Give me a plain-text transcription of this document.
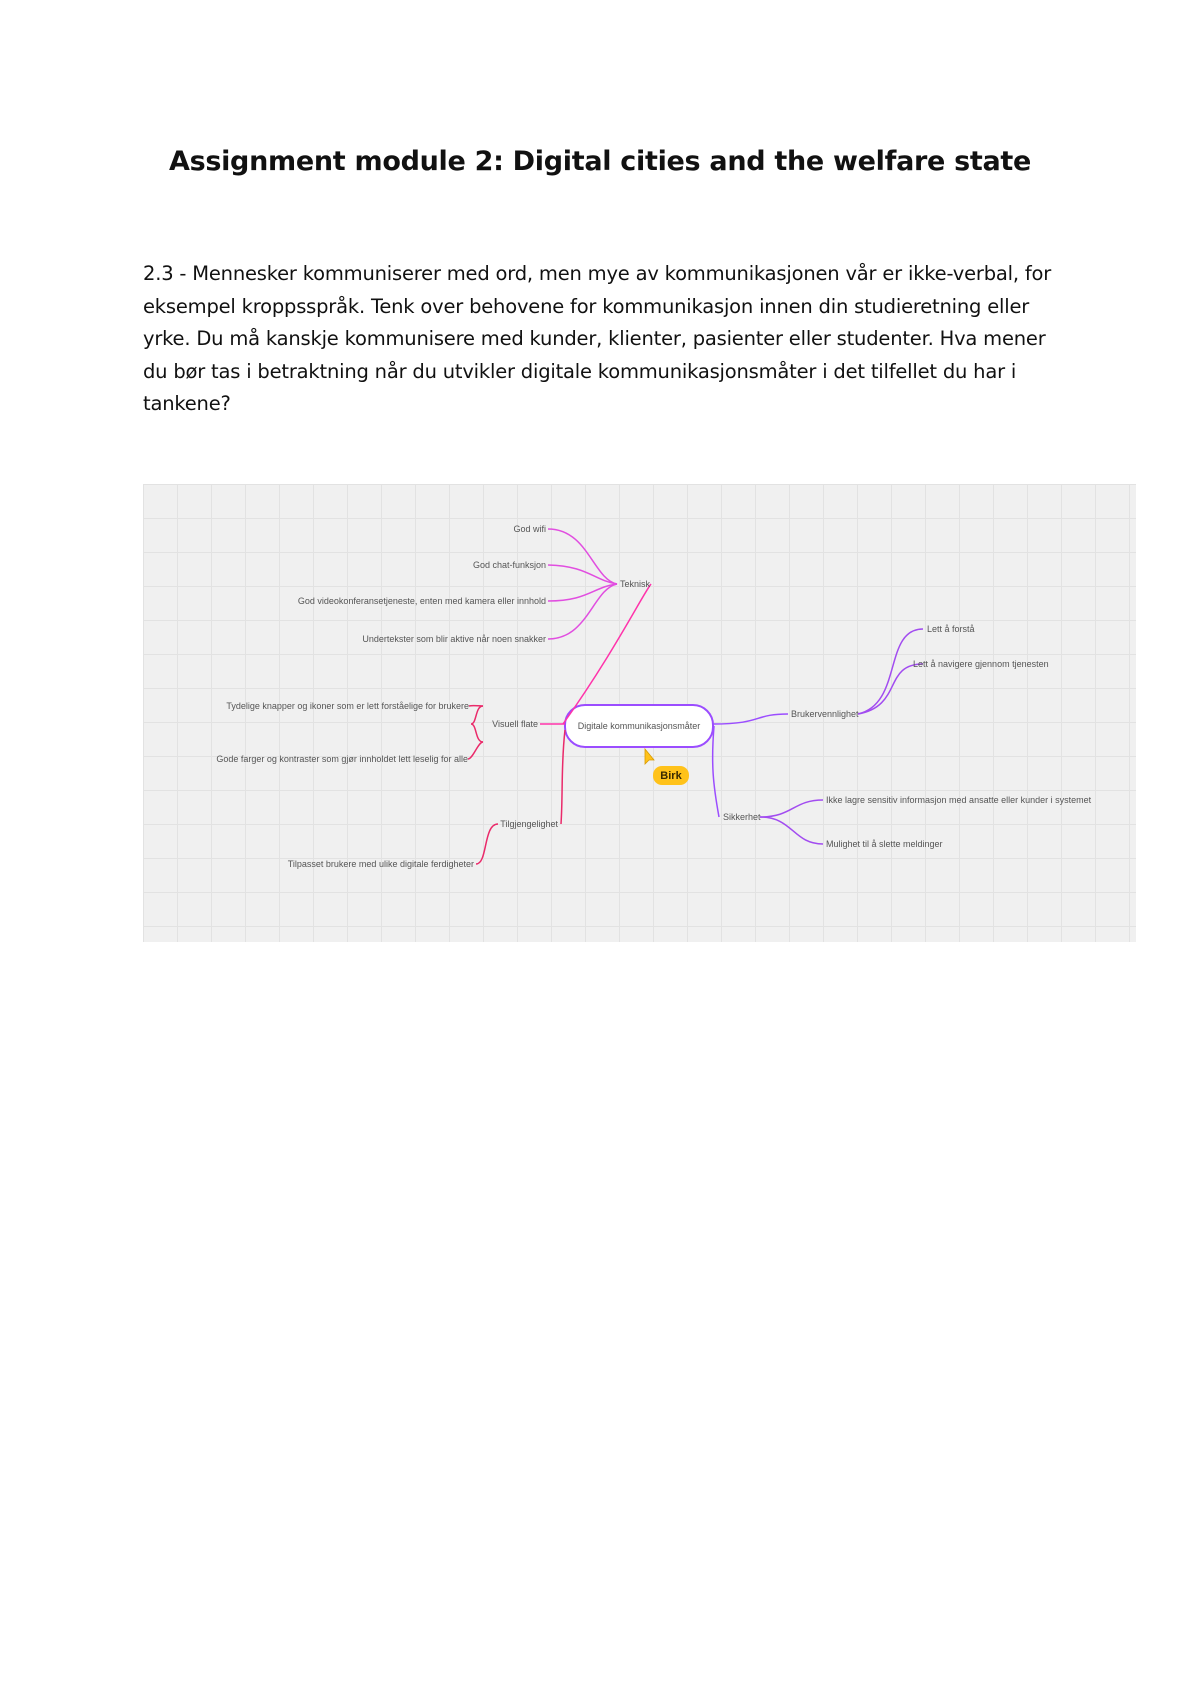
Assignment module 2: Digital cities and the welfare state

2.3 - Mennesker kommuniserer med ord, men mye av kommunikasjonen vår er ikke-verbal, for eksempel kroppsspråk. Tenk over behovene for kommunikasjon innen din studieretning eller yrke. Du må kanskje kommunisere med kunder, klienter, pasienter eller studenter. Hva mener du bør tas i betraktning når du utvikler digitale kommunikasjonsmåter i det tilfellet du har i tankene?

Digitale kommunikasjonsmåter
Teknisk
God wifi
God chat-funksjon
God videokonferansetjeneste, enten med kamera eller innhold
Undertekster som blir aktive når noen snakker
Brukervennlighet
Lett å forstå
Lett å navigere gjennom tjenesten
Sikkerhet
Ikke lagre sensitiv informasjon med ansatte eller kunder i systemet
Mulighet til å slette meldinger
Visuell flate
Tydelige knapper og ikoner som er lett forståelige for brukere
Gode farger og kontraster som gjør innholdet lett leselig for alle
Tilgjengelighet
Tilpasset brukere med ulike digitale ferdigheter
Birk
